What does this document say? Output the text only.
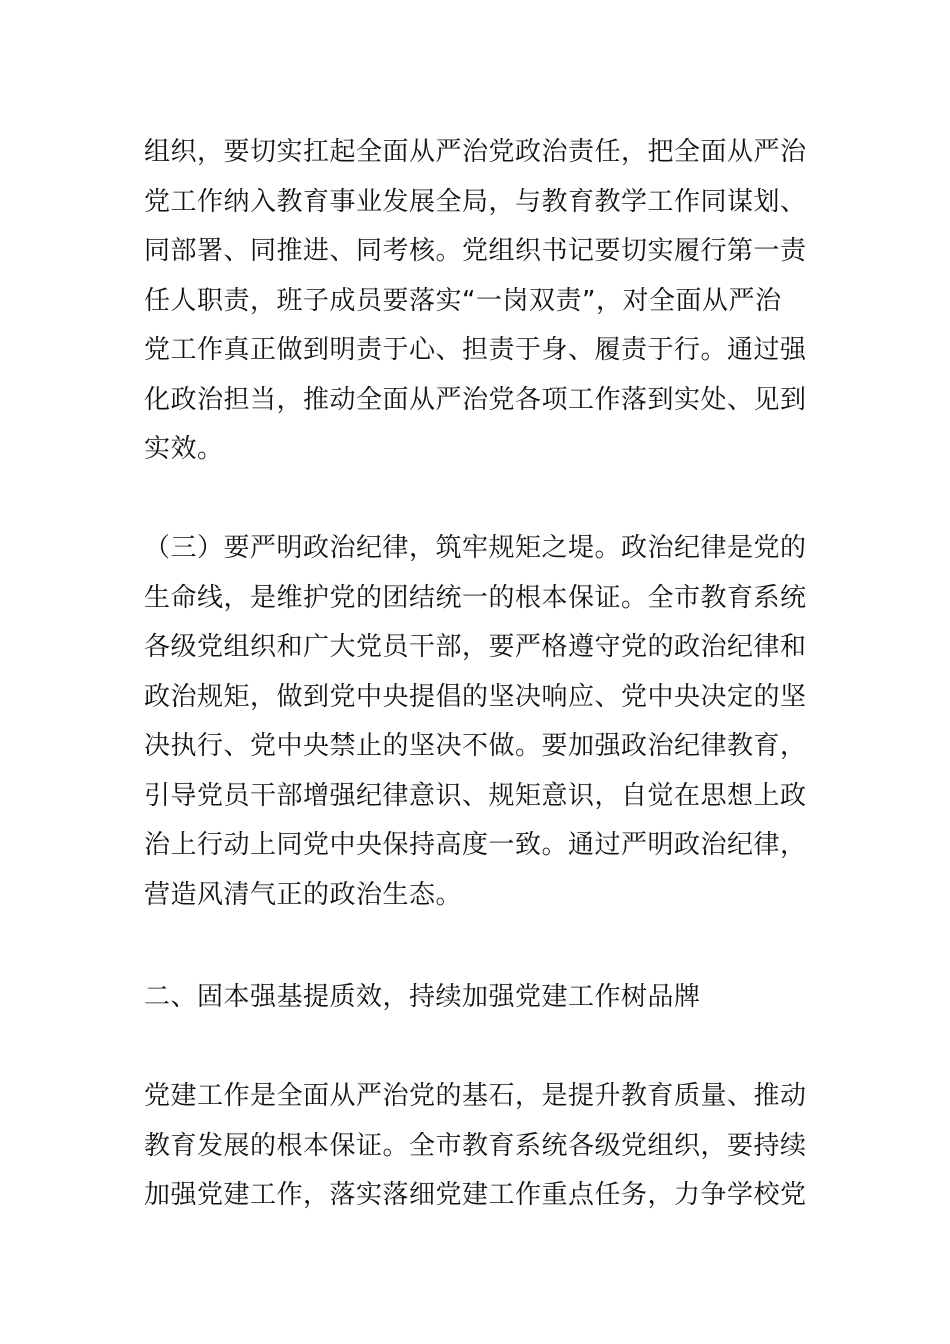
组织，要切实扛起全面从严治党政治责任，把全面从严治
党工作纳入教育事业发展全局，与教育教学工作同谋划、
同部署、同推进、同考核。党组织书记要切实履行第一责
任人职责，班子成员要落实“一岗双责”，对全面从严治
党工作真正做到明责于心、担责于身、履责于行。通过强
化政治担当，推动全面从严治党各项工作落到实处、见到
实效。
（三）要严明政治纪律，筑牢规矩之堤。政治纪律是党的
生命线，是维护党的团结统一的根本保证。全市教育系统
各级党组织和广大党员干部，要严格遵守党的政治纪律和
政治规矩，做到党中央提倡的坚决响应、党中央决定的坚
决执行、党中央禁止的坚决不做。要加强政治纪律教育，
引导党员干部增强纪律意识、规矩意识，自觉在思想上政
治上行动上同党中央保持高度一致。通过严明政治纪律，
营造风清气正的政治生态。
二、固本强基提质效，持续加强党建工作树品牌
党建工作是全面从严治党的基石，是提升教育质量、推动
教育发展的根本保证。全市教育系统各级党组织，要持续
加强党建工作，落实落细党建工作重点任务，力争学校党
